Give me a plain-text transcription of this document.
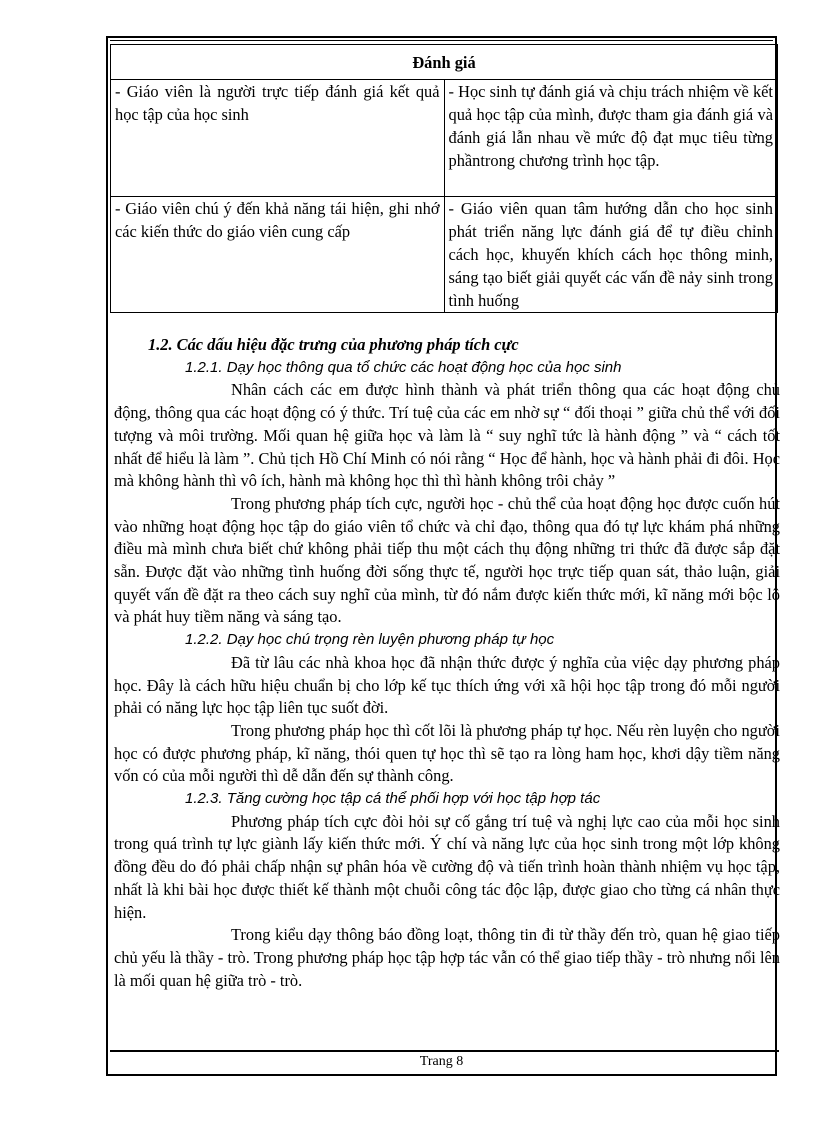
Đánh giá	

- Giáo viên là người trực tiếp đánh giá kết quả học tập của học sinh	- Học sinh tự đánh giá và chịu trách nhiệm về kết quả học tập của mình, được tham gia đánh giá và đánh giá lẫn nhau về mức độ đạt mục tiêu từng phầntrong chương trình học tập.

- Giáo viên chú ý đến khả năng tái hiện, ghi nhớ các kiến thức do giáo viên cung cấp	- Giáo viên quan tâm hướng dẫn cho học sinh phát triển năng lực đánh giá để tự điều chỉnh cách học, khuyến khích cách học thông minh, sáng tạo biết giải quyết các vấn đề nảy sinh trong tình huống

1.2. Các dấu hiệu đặc trưng của phương pháp tích cực

1.2.1. Dạy học thông qua tổ chức các hoạt động học của học sinh

Nhân cách các em được hình thành và phát triển thông qua các hoạt động chủ động, thông qua các hoạt động có ý thức. Trí tuệ của các em nhờ sự “ đối thoại ” giữa chủ thể với đối tượng và môi trường. Mối quan hệ giữa học và làm là “ suy nghĩ tức là hành động ” và “ cách tốt nhất để hiểu là làm ”. Chủ tịch Hồ Chí Minh có nói rằng “ Học để hành, học và hành phải đi đôi. Học mà không hành thì vô ích, hành mà không học thì thì hành không trôi chảy ”

Trong phương pháp tích cực, người học - chủ thể của hoạt động học được cuốn hút vào những hoạt động học tập do giáo viên tổ chức và chỉ đạo, thông qua đó tự lực khám phá những điều mà mình chưa biết chứ không phải tiếp thu một cách thụ động những tri thức đã được sắp đặt sẵn. Được đặt vào những tình huống đời sống thực tế, người học trực tiếp quan sát, thảo luận, giải quyết vấn đề đặt ra theo cách suy nghĩ của mình, từ đó nắm được kiến thức mới, kĩ năng mới bộc lộ và phát huy tiềm năng và sáng tạo.

1.2.2. Dạy học chú trọng rèn luyện phương pháp tự học

Đã từ lâu các nhà khoa học đã nhận thức được ý nghĩa của việc dạy phương pháp học. Đây là cách hữu hiệu chuẩn bị cho lớp kế tục thích ứng với xã hội học tập trong đó mỗi người phải có năng lực học tập liên tục suốt đời.

Trong phương pháp học thì cốt lõi là phương pháp tự học. Nếu rèn luyện cho người học có được phương pháp, kĩ năng, thói quen tự học thì sẽ tạo ra lòng ham học, khơi dậy tiềm năng vốn có của mỗi người thì dễ dẫn đến sự thành công.

1.2.3. Tăng cường học tập cá thể phối hợp với học tập hợp tác

Phương pháp tích cực đòi hỏi sự cố gắng trí tuệ và nghị lực cao của mỗi học sinh trong quá trình tự lực giành lấy kiến thức mới. Ý chí và năng lực của học sinh trong một lớp không đồng đều do đó phải chấp nhận sự phân hóa về cường độ và tiến trình hoàn thành nhiệm vụ học tập, nhất là khi bài học được thiết kế thành một chuỗi công tác độc lập, được giao cho từng cá nhân thực hiện.

Trong kiểu dạy thông báo đồng loạt, thông tin đi từ thầy đến trò, quan hệ giao tiếp chủ yếu là thầy - trò. Trong phương pháp học tập hợp tác vẫn có thể giao tiếp thầy - trò nhưng nổi lên là mối quan hệ giữa trò - trò.

Trang 8
